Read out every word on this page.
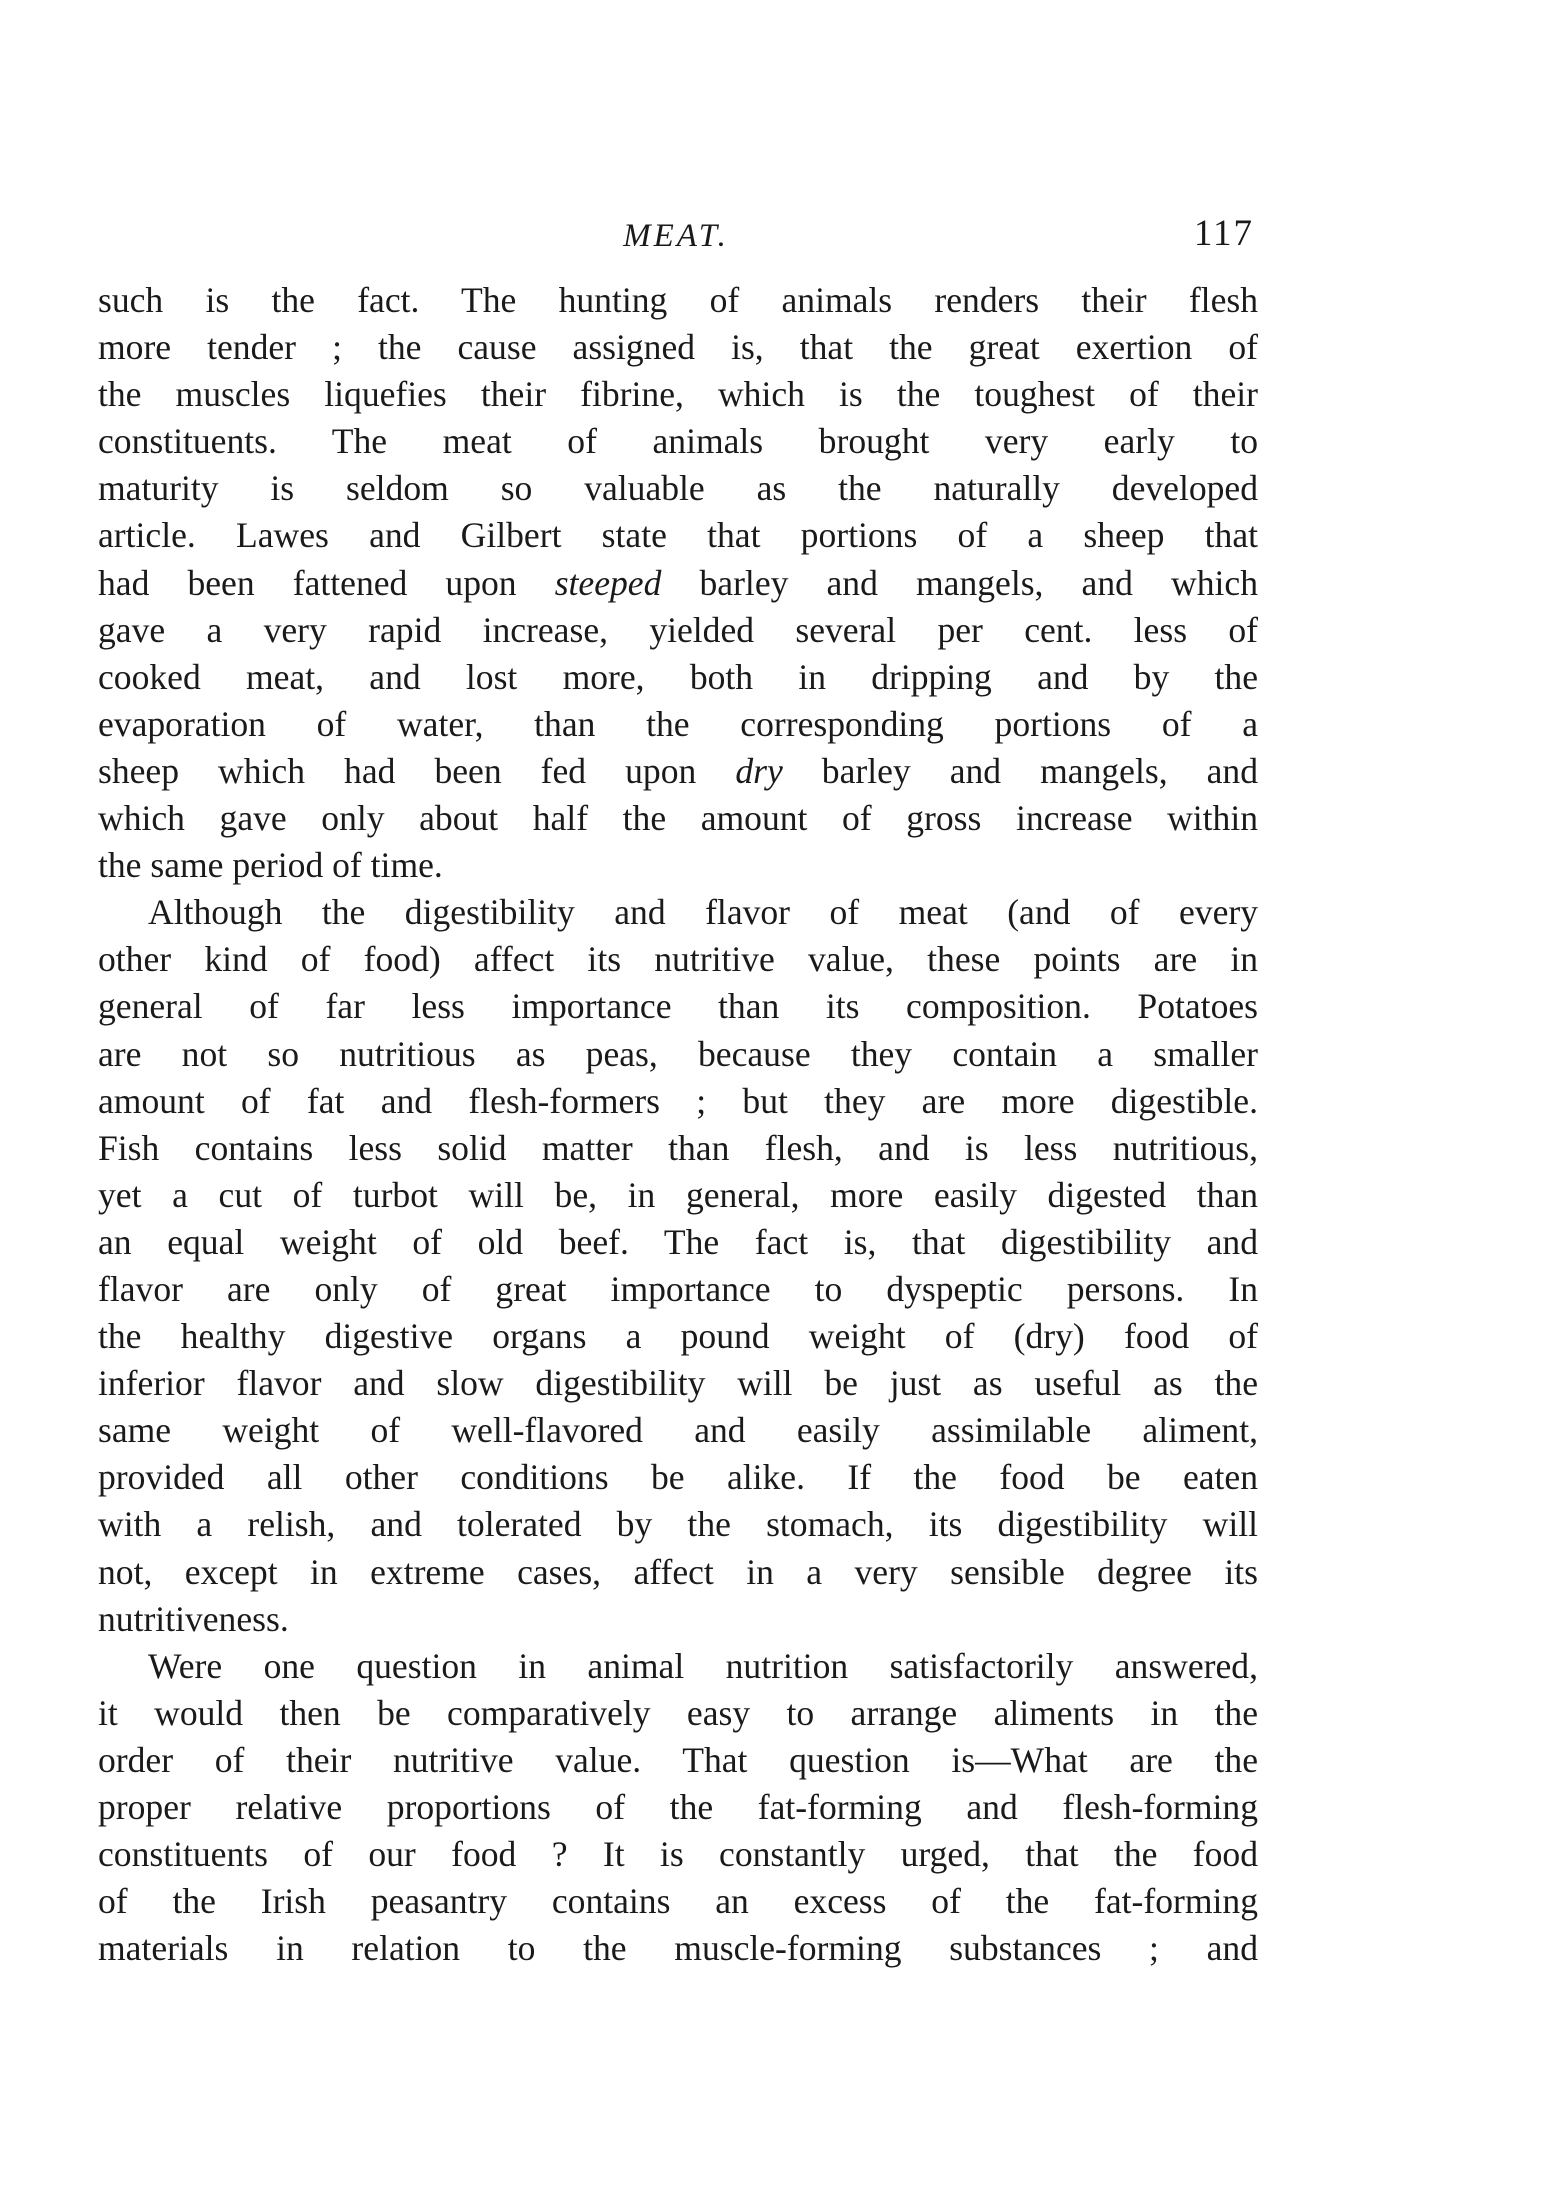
MEAT.	117
such is the fact. The hunting of animals renders their flesh
more tender ; the cause assigned is, that the great exertion of
the muscles liquefies their fibrine, which is the toughest of their
constituents. The meat of animals brought very early to
maturity is seldom so valuable as the naturally developed
article. Lawes and Gilbert state that portions of a sheep that
had been fattened upon steeped barley and mangels, and which
gave a very rapid increase, yielded several per cent. less of
cooked meat, and lost more, both in dripping and by the
evaporation of water, than the corresponding portions of a
sheep which had been fed upon dry barley and mangels, and
which gave only about half the amount of gross increase within
the same period of time.
Although the digestibility and flavor of meat (and of every
other kind of food) affect its nutritive value, these points are in
general of far less importance than its composition. Potatoes
are not so nutritious as peas, because they contain a smaller
amount of fat and flesh-formers ; but they are more digestible.
Fish contains less solid matter than flesh, and is less nutritious,
yet a cut of turbot will be, in general, more easily digested than
an equal weight of old beef. The fact is, that digestibility and
flavor are only of great importance to dyspeptic persons. In
the healthy digestive organs a pound weight of (dry) food of
inferior flavor and slow digestibility will be just as useful as the
same weight of well-flavored and easily assimilable aliment,
provided all other conditions be alike. If the food be eaten
with a relish, and tolerated by the stomach, its digestibility will
not, except in extreme cases, affect in a very sensible degree its
nutritiveness.
Were one question in animal nutrition satisfactorily answered,
it would then be comparatively easy to arrange aliments in the
order of their nutritive value. That question is—What are the
proper relative proportions of the fat-forming and flesh-forming
constituents of our food ? It is constantly urged, that the food
of the Irish peasantry contains an excess of the fat-forming
materials in relation to the muscle-forming substances ; and
